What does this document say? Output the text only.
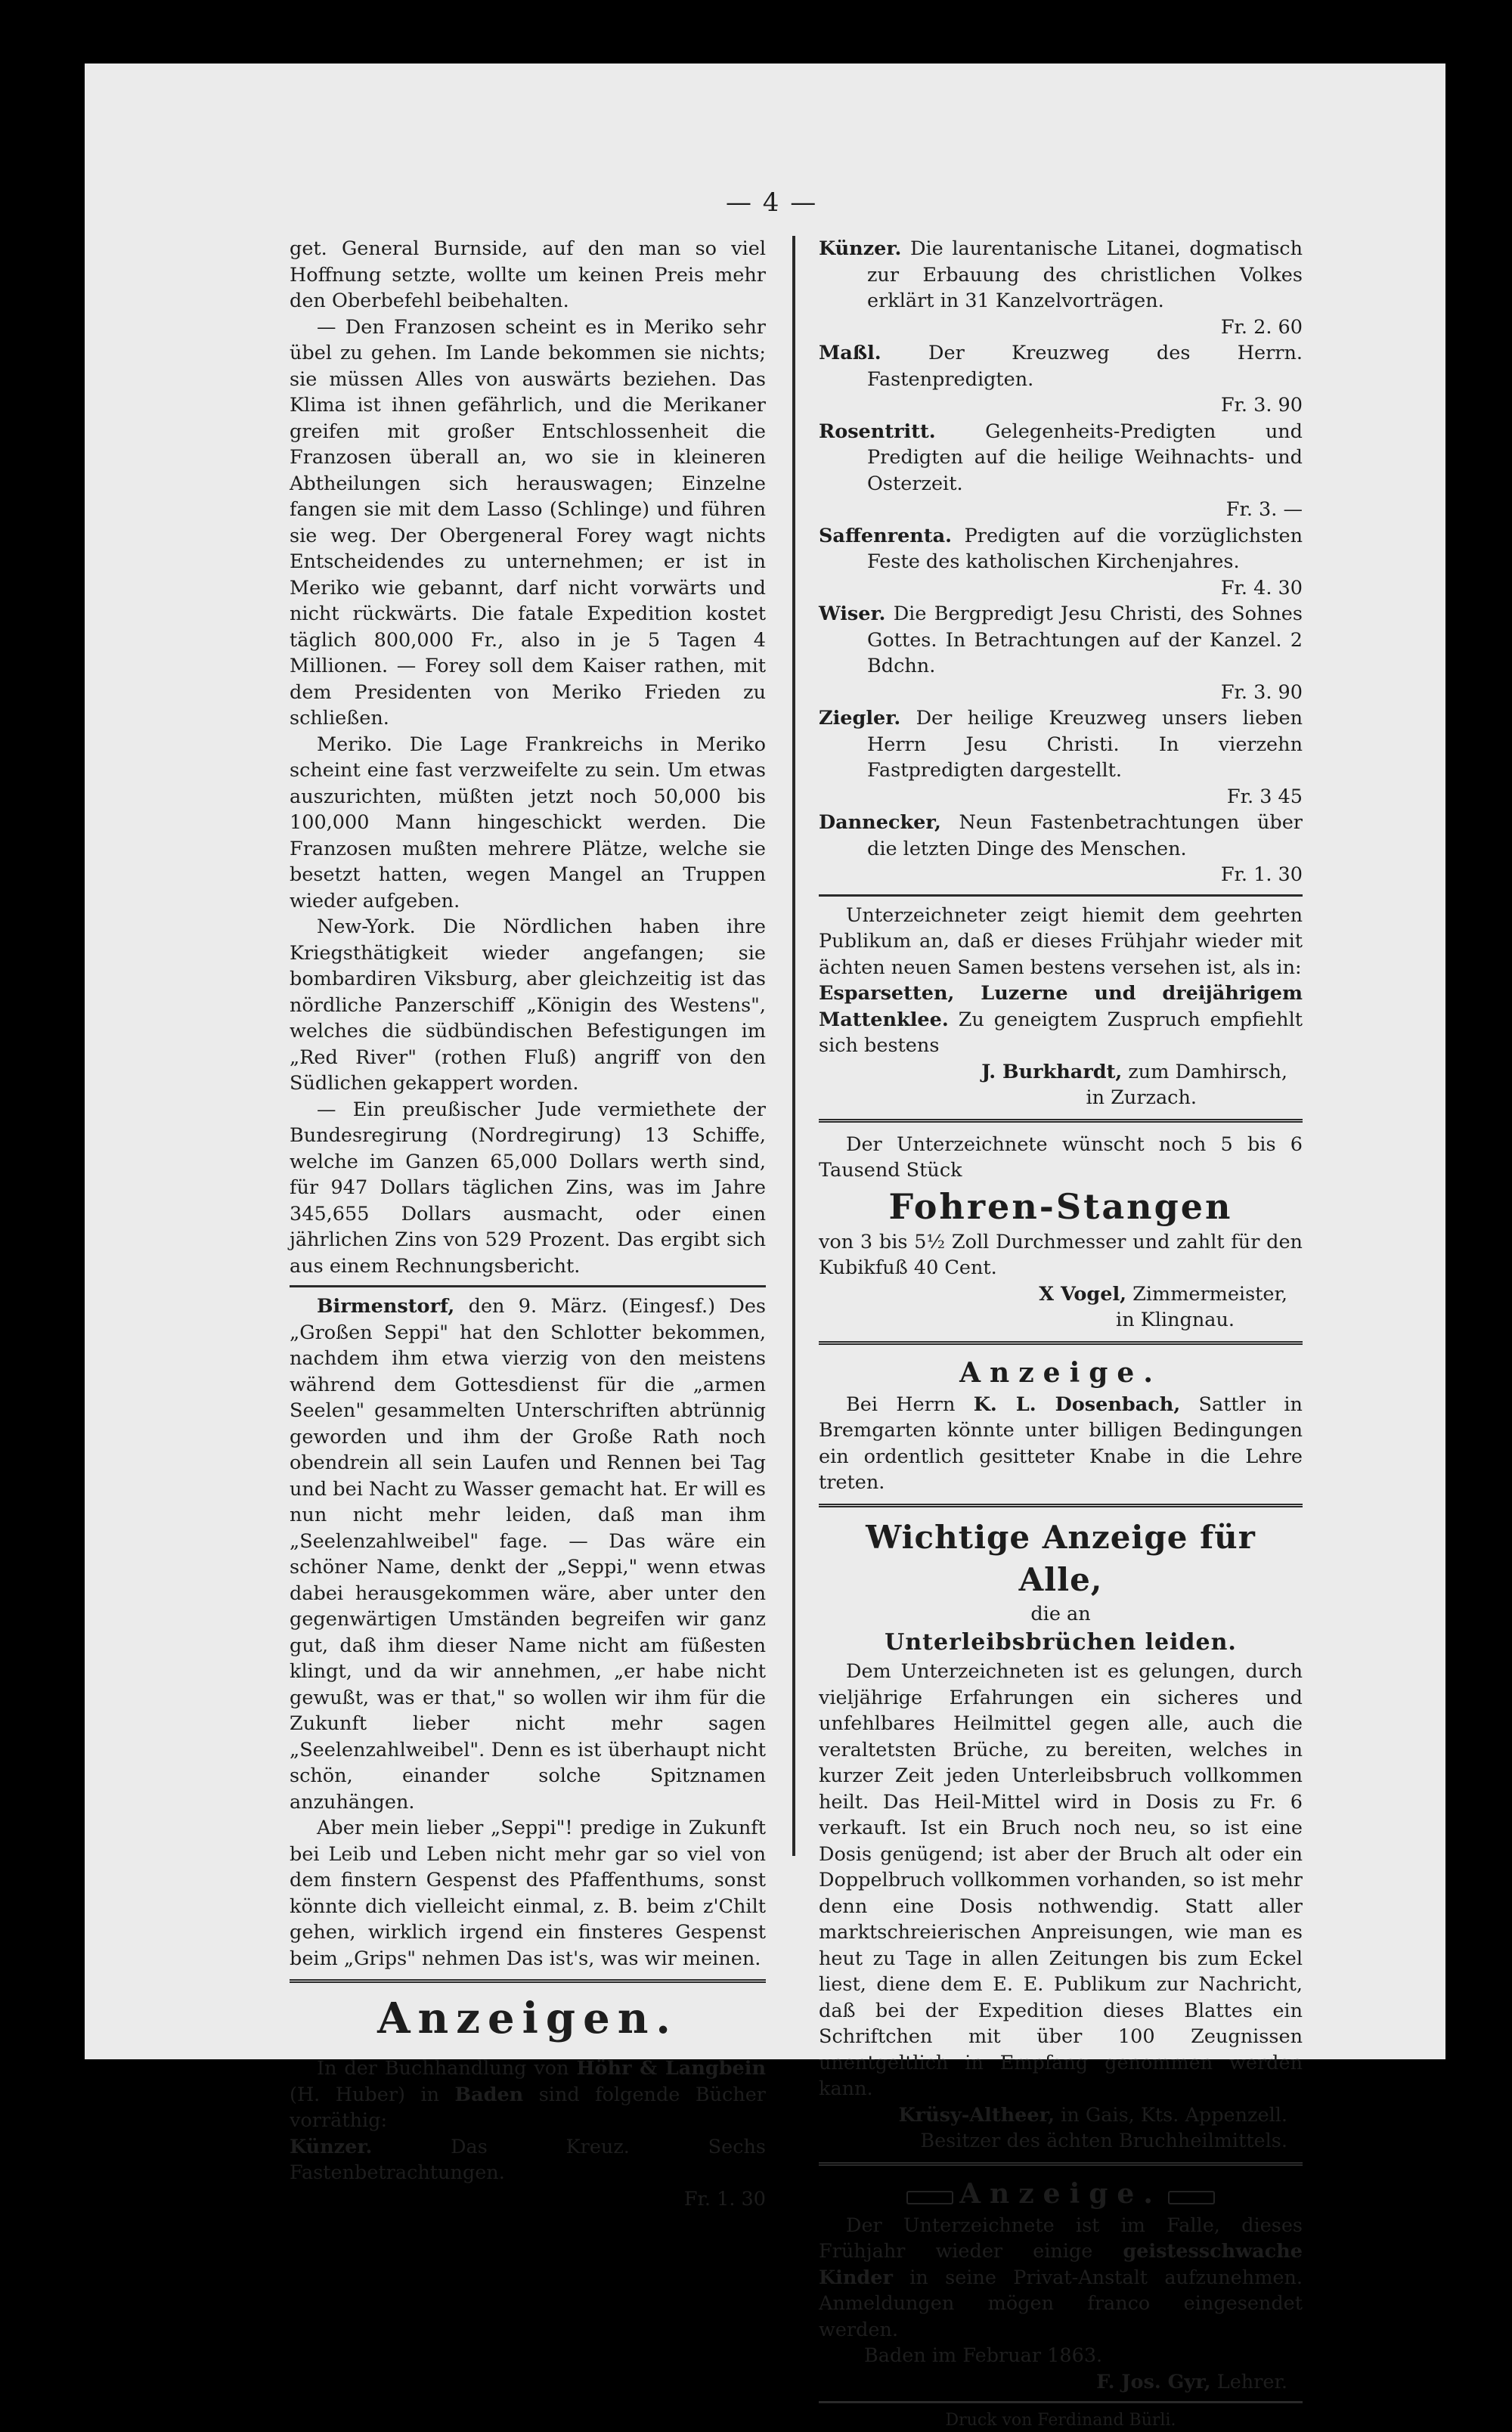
— 4 —

get. General Burnside, auf den man so viel Hoffnung setzte, wollte um keinen Preis mehr den Oberbefehl beibehalten.

— Den Franzosen scheint es in Meriko sehr übel zu gehen. Im Lande bekommen sie nichts; sie müssen Alles von auswärts beziehen. Das Klima ist ihnen gefährlich, und die Merikaner greifen mit großer Entschlossenheit die Franzosen überall an, wo sie in kleineren Abtheilungen sich herauswagen; Einzelne fangen sie mit dem Lasso (Schlinge) und führen sie weg. Der Obergeneral Forey wagt nichts Entscheidendes zu unternehmen; er ist in Meriko wie gebannt, darf nicht vorwärts und nicht rückwärts. Die fatale Expedition kostet täglich 800,000 Fr., also in je 5 Tagen 4 Millionen. — Forey soll dem Kaiser rathen, mit dem Presidenten von Meriko Frieden zu schließen.

Meriko. Die Lage Frankreichs in Meriko scheint eine fast verzweifelte zu sein. Um etwas auszurichten, müßten jetzt noch 50,000 bis 100,000 Mann hingeschickt werden. Die Franzosen mußten mehrere Plätze, welche sie besetzt hatten, wegen Mangel an Truppen wieder aufgeben.

New-York. Die Nördlichen haben ihre Kriegsthätigkeit wieder angefangen; sie bombardiren Viksburg, aber gleichzeitig ist das nördliche Panzerschiff „Königin des Westens", welches die südbündischen Befestigungen im „Red River" (rothen Fluß) angriff von den Südlichen gekappert worden.

— Ein preußischer Jude vermiethete der Bundesregirung (Nordregirung) 13 Schiffe, welche im Ganzen 65,000 Dollars werth sind, für 947 Dollars täglichen Zins, was im Jahre 345,655 Dollars ausmacht, oder einen jährlichen Zins von 529 Prozent. Das ergibt sich aus einem Rechnungsbericht.

Birmenstorf, den 9. März. (Eingesf.) Des „Großen Seppi" hat den Schlotter bekommen, nachdem ihm etwa vierzig von den meistens während dem Gottesdienst für die „armen Seelen" gesammelten Unterschriften abtrünnig geworden und ihm der Große Rath noch obendrein all sein Laufen und Rennen bei Tag und bei Nacht zu Wasser gemacht hat. Er will es nun nicht mehr leiden, daß man ihm „Seelenzahlweibel" fage. — Das wäre ein schöner Name, denkt der „Seppi," wenn etwas dabei herausgekommen wäre, aber unter den gegenwärtigen Umständen begreifen wir ganz gut, daß ihm dieser Name nicht am füßesten klingt, und da wir annehmen, „er habe nicht gewußt, was er that," so wollen wir ihm für die Zukunft lieber nicht mehr sagen „Seelenzahlweibel". Denn es ist überhaupt nicht schön, einander solche Spitznamen anzuhängen.

Aber mein lieber „Seppi"! predige in Zukunft bei Leib und Leben nicht mehr gar so viel von dem finstern Gespenst des Pfaffenthums, sonst könnte dich vielleicht einmal, z. B. beim z'Chilt gehen, wirklich irgend ein finsteres Gespenst beim „Grips" nehmen Das ist's, was wir meinen.

Anzeigen.

In der Buchhandlung von Höhr & Langbein (H. Huber) in Baden sind folgende Bücher vorräthig:

Künzer. Das Kreuz. Sechs Fastenbetrachtungen.

Fr. 1. 30

Künzer. Die laurentanische Litanei, dogmatisch zur Erbauung des christlichen Volkes erklärt in 31 Kanzelvorträgen.

Fr. 2. 60

Maßl. Der Kreuzweg des Herrn. Fastenpredigten.

Fr. 3. 90

Rosentritt. Gelegenheits-Predigten und Predigten auf die heilige Weihnachts- und Osterzeit.

Fr. 3. —

Saffenrenta. Predigten auf die vorzüglichsten Feste des katholischen Kirchenjahres.

Fr. 4. 30

Wiser. Die Bergpredigt Jesu Christi, des Sohnes Gottes. In Betrachtungen auf der Kanzel. 2 Bdchn.

Fr. 3. 90

Ziegler. Der heilige Kreuzweg unsers lieben Herrn Jesu Christi. In vierzehn Fastpredigten dargestellt.

Fr. 3 45

Dannecker, Neun Fastenbetrachtungen über die letzten Dinge des Menschen.

Fr. 1. 30

Unterzeichneter zeigt hiemit dem geehrten Publikum an, daß er dieses Frühjahr wieder mit ächten neuen Samen bestens versehen ist, als in:

Esparsetten, Luzerne und dreijährigem Mattenklee. Zu geneigtem Zuspruch empfiehlt sich bestens

J. Burkhardt, zum Damhirsch,

in Zurzach.

Der Unterzeichnete wünscht noch 5 bis 6 Tausend Stück

Fohren-Stangen

von 3 bis 5½ Zoll Durchmesser und zahlt für den Kubikfuß 40 Cent.

X Vogel, Zimmermeister,

in Klingnau.

Anzeige.

Bei Herrn K. L. Dosenbach, Sattler in Bremgarten könnte unter billigen Bedingungen ein ordentlich gesitteter Knabe in die Lehre treten.

Wichtige Anzeige für Alle,

die an

Unterleibsbrüchen leiden.

Dem Unterzeichneten ist es gelungen, durch vieljährige Erfahrungen ein sicheres und unfehlbares Heilmittel gegen alle, auch die veraltetsten Brüche, zu bereiten, welches in kurzer Zeit jeden Unterleibsbruch vollkommen heilt. Das Heil-Mittel wird in Dosis zu Fr. 6 verkauft. Ist ein Bruch noch neu, so ist eine Dosis genügend; ist aber der Bruch alt oder ein Doppelbruch vollkommen vorhanden, so ist mehr denn eine Dosis nothwendig. Statt aller marktschreierischen Anpreisungen, wie man es heut zu Tage in allen Zeitungen bis zum Eckel liest, diene dem E. E. Publikum zur Nachricht, daß bei der Expedition dieses Blattes ein Schriftchen mit über 100 Zeugnissen unentgeltlich in Empfang genommen werden kann.

Krüsy-Altheer, in Gais, Kts. Appenzell.

Besitzer des ächten Bruchheilmittels.

Anzeige.

Der Unterzeichnete ist im Falle, dieses Frühjahr wieder einige geistesschwache Kinder in seine Privat-Anstalt aufzunehmen. Anmeldungen mögen franco eingesendet werden.

Baden im Februar 1863.

F. Jos. Gyr, Lehrer.

Druck von Ferdinand Bürli.
